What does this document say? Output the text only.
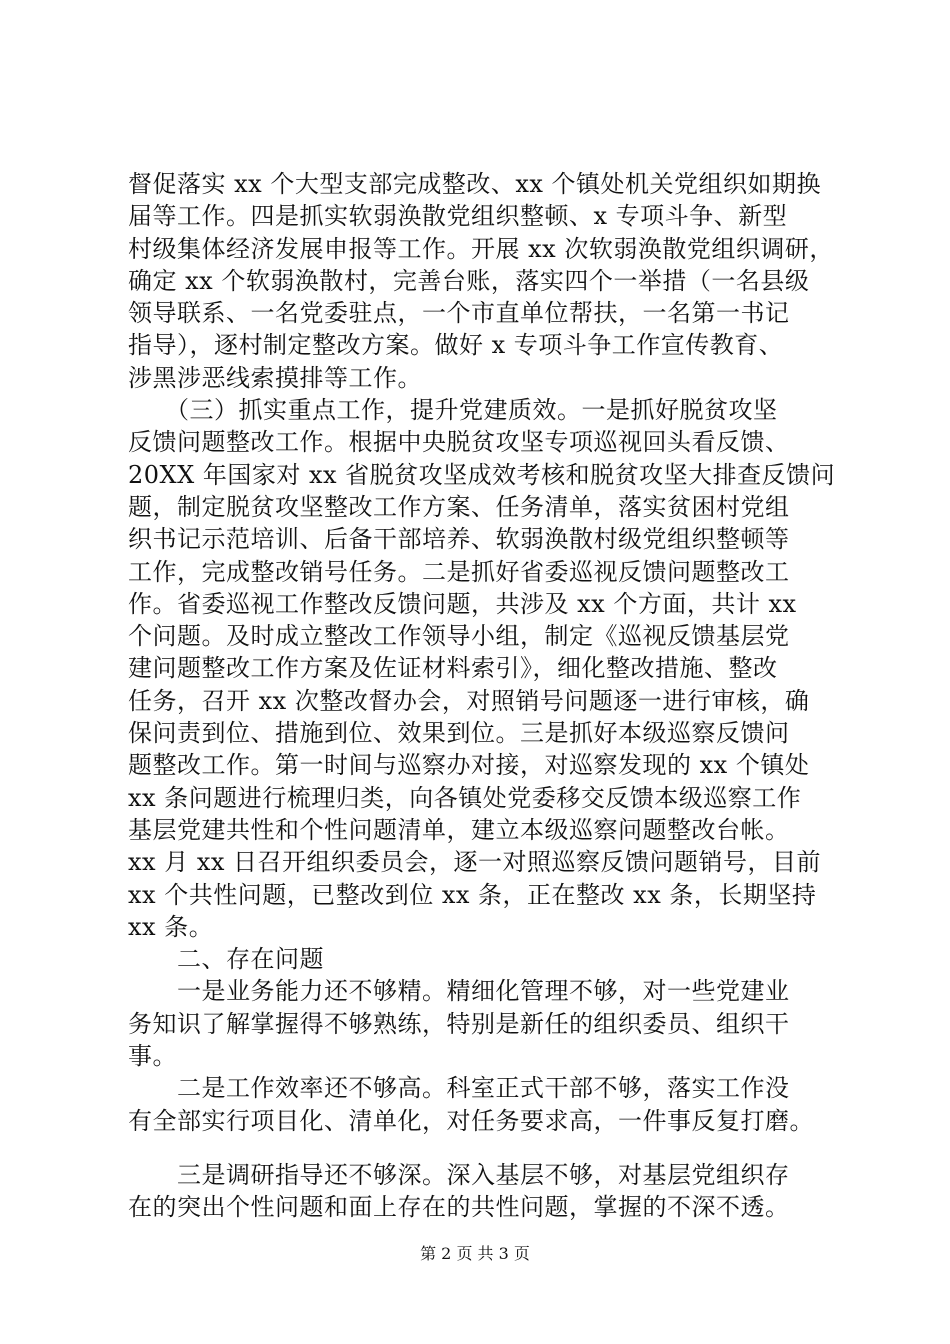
督促落实 xx 个大型支部完成整改、xx 个镇处机关党组织如期换
届等工作。四是抓实软弱涣散党组织整顿、x 专项斗争、新型
村级集体经济发展申报等工作。开展 xx 次软弱涣散党组织调研，
确定 xx 个软弱涣散村，完善台账，落实四个一举措（一名县级
领导联系、一名党委驻点，一个市直单位帮扶，一名第一书记
指导），逐村制定整改方案。做好 x 专项斗争工作宣传教育、
涉黑涉恶线索摸排等工作。
　　（三）抓实重点工作，提升党建质效。一是抓好脱贫攻坚
反馈问题整改工作。根据中央脱贫攻坚专项巡视回头看反馈、
20XX 年国家对 xx 省脱贫攻坚成效考核和脱贫攻坚大排查反馈问
题，制定脱贫攻坚整改工作方案、任务清单，落实贫困村党组
织书记示范培训、后备干部培养、软弱涣散村级党组织整顿等
工作，完成整改销号任务。二是抓好省委巡视反馈问题整改工
作。省委巡视工作整改反馈问题，共涉及 xx 个方面，共计 xx
个问题。及时成立整改工作领导小组，制定《巡视反馈基层党
建问题整改工作方案及佐证材料索引》，细化整改措施、整改
任务，召开 xx 次整改督办会，对照销号问题逐一进行审核，确
保问责到位、措施到位、效果到位。三是抓好本级巡察反馈问
题整改工作。第一时间与巡察办对接，对巡察发现的 xx 个镇处
xx 条问题进行梳理归类，向各镇处党委移交反馈本级巡察工作
基层党建共性和个性问题清单，建立本级巡察问题整改台帐。
xx 月 xx 日召开组织委员会，逐一对照巡察反馈问题销号，目前
xx 个共性问题，已整改到位 xx 条，正在整改 xx 条，长期坚持
xx 条。
　　二、存在问题
　　一是业务能力还不够精。精细化管理不够，对一些党建业
务知识了解掌握得不够熟练，特别是新任的组织委员、组织干
事。
　　二是工作效率还不够高。科室正式干部不够，落实工作没
有全部实行项目化、清单化，对任务要求高，一件事反复打磨。
　　三是调研指导还不够深。深入基层不够，对基层党组织存
在的突出个性问题和面上存在的共性问题，掌握的不深不透。
第 2 页 共 3 页
